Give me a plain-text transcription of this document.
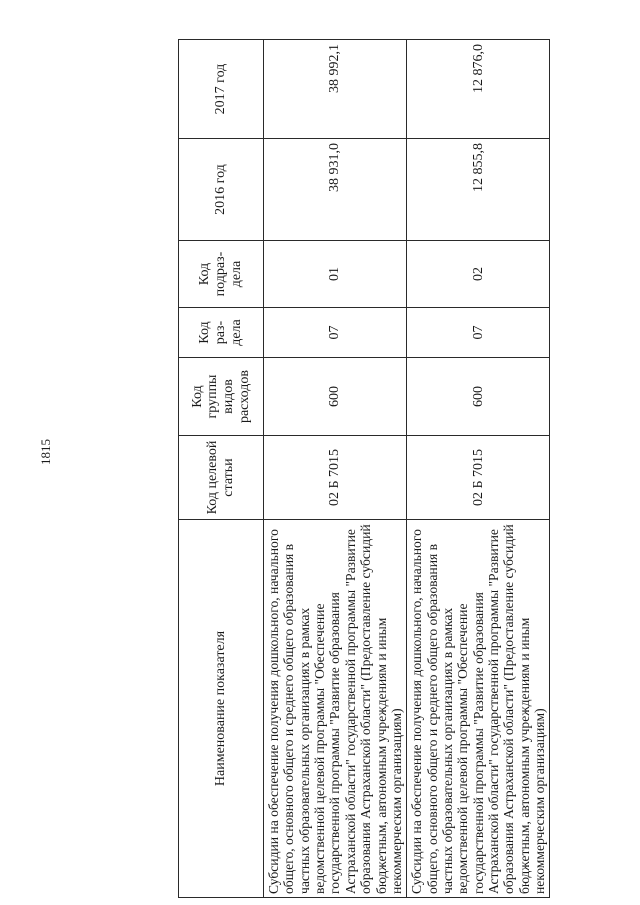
1815
Наименование показателя	Код целевой статьи	Код группы видов расходов	Код раз-дела	Код подраз-дела	2016 год	2017 год
Субсидии на обеспечение получения дошкольного, начального общего, основного общего и среднего общего образования в частных образовательных организациях в рамках ведомственной целевой программы "Обеспечение государственной программы "Развитие образования Астраханской области" государственной программы "Развитие образования Астраханской области" (Предоставление субсидий бюджетным, автономным учреждениям и иным некоммерческим организациям)	02 Б 7015	600	07	01	38 931,0	38 992,1
Субсидии на обеспечение получения дошкольного, начального общего, основного общего и среднего общего образования в частных образовательных организациях в рамках ведомственной целевой программы "Обеспечение государственной программы "Развитие образования Астраханской области" государственной программы "Развитие образования Астраханской области" (Предоставление субсидий бюджетным, автономным учреждениям и иным некоммерческим организациям)	02 Б 7015	600	07	02	12 855,8	12 876,0
